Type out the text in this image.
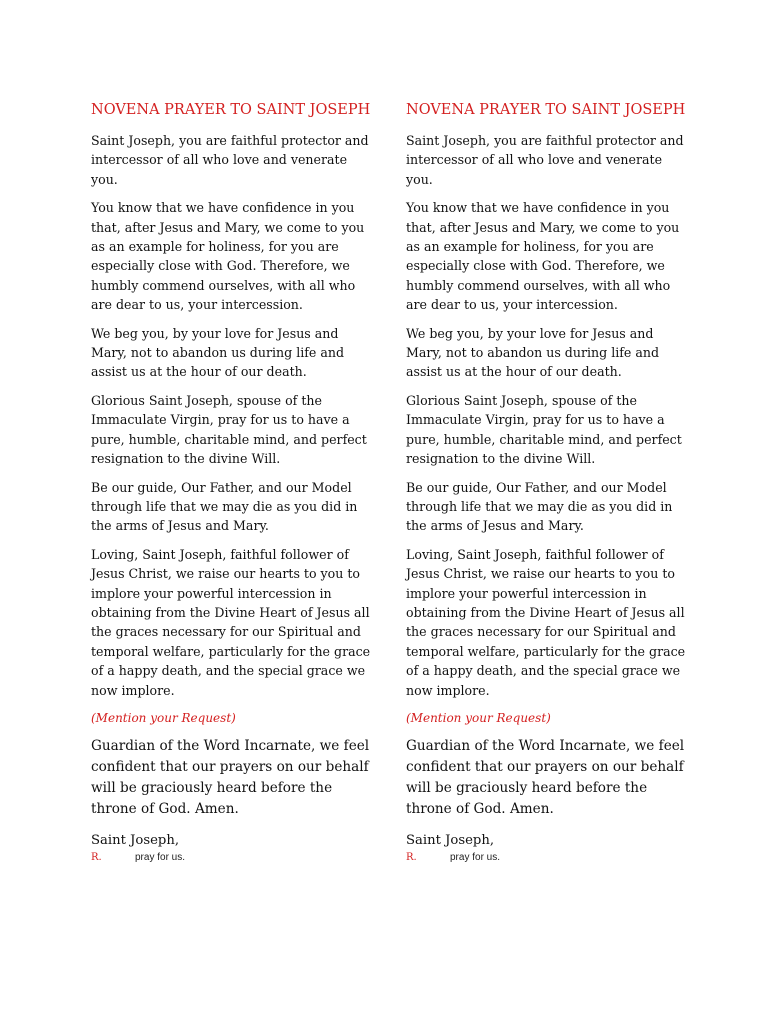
NOVENA PRAYER TO SAINT JOSEPH

Saint Joseph, you are faithful protector and intercessor of all who love and venerate you.

You know that we have confidence in you that, after Jesus and Mary, we come to you as an example for holiness, for you are especially close with God. Therefore, we humbly commend ourselves, with all who are dear to us, your intercession.

We beg you, by your love for Jesus and Mary, not to abandon us during life and assist us at the hour of our death.

Glorious Saint Joseph, spouse of the Immaculate Virgin, pray for us to have a pure, humble, charitable mind, and perfect resignation to the divine Will.

Be our guide, Our Father, and our Model through life that we may die as you did in the arms of Jesus and Mary.

Loving, Saint Joseph, faithful follower of Jesus Christ, we raise our hearts to you to implore your powerful intercession in obtaining from the Divine Heart of Jesus all the graces necessary for our Spiritual and temporal welfare, particularly for the grace of a happy death, and the special grace we now implore.

(Mention your Request)

Guardian of the Word Incarnate, we feel confident that our prayers on our behalf will be graciously heard before the throne of God. Amen.

Saint Joseph,

R.	pray for us.
NOVENA PRAYER TO SAINT JOSEPH

Saint Joseph, you are faithful protector and intercessor of all who love and venerate you.

You know that we have confidence in you that, after Jesus and Mary, we come to you as an example for holiness, for you are especially close with God. Therefore, we humbly commend ourselves, with all who are dear to us, your intercession.

We beg you, by your love for Jesus and Mary, not to abandon us during life and assist us at the hour of our death.

Glorious Saint Joseph, spouse of the Immaculate Virgin, pray for us to have a pure, humble, charitable mind, and perfect resignation to the divine Will.

Be our guide, Our Father, and our Model through life that we may die as you did in the arms of Jesus and Mary.

Loving, Saint Joseph, faithful follower of Jesus Christ, we raise our hearts to you to implore your powerful intercession in obtaining from the Divine Heart of Jesus all the graces necessary for our Spiritual and temporal welfare, particularly for the grace of a happy death, and the special grace we now implore.

(Mention your Request)

Guardian of the Word Incarnate, we feel confident that our prayers on our behalf will be graciously heard before the throne of God. Amen.

Saint Joseph,

R.	pray for us.
